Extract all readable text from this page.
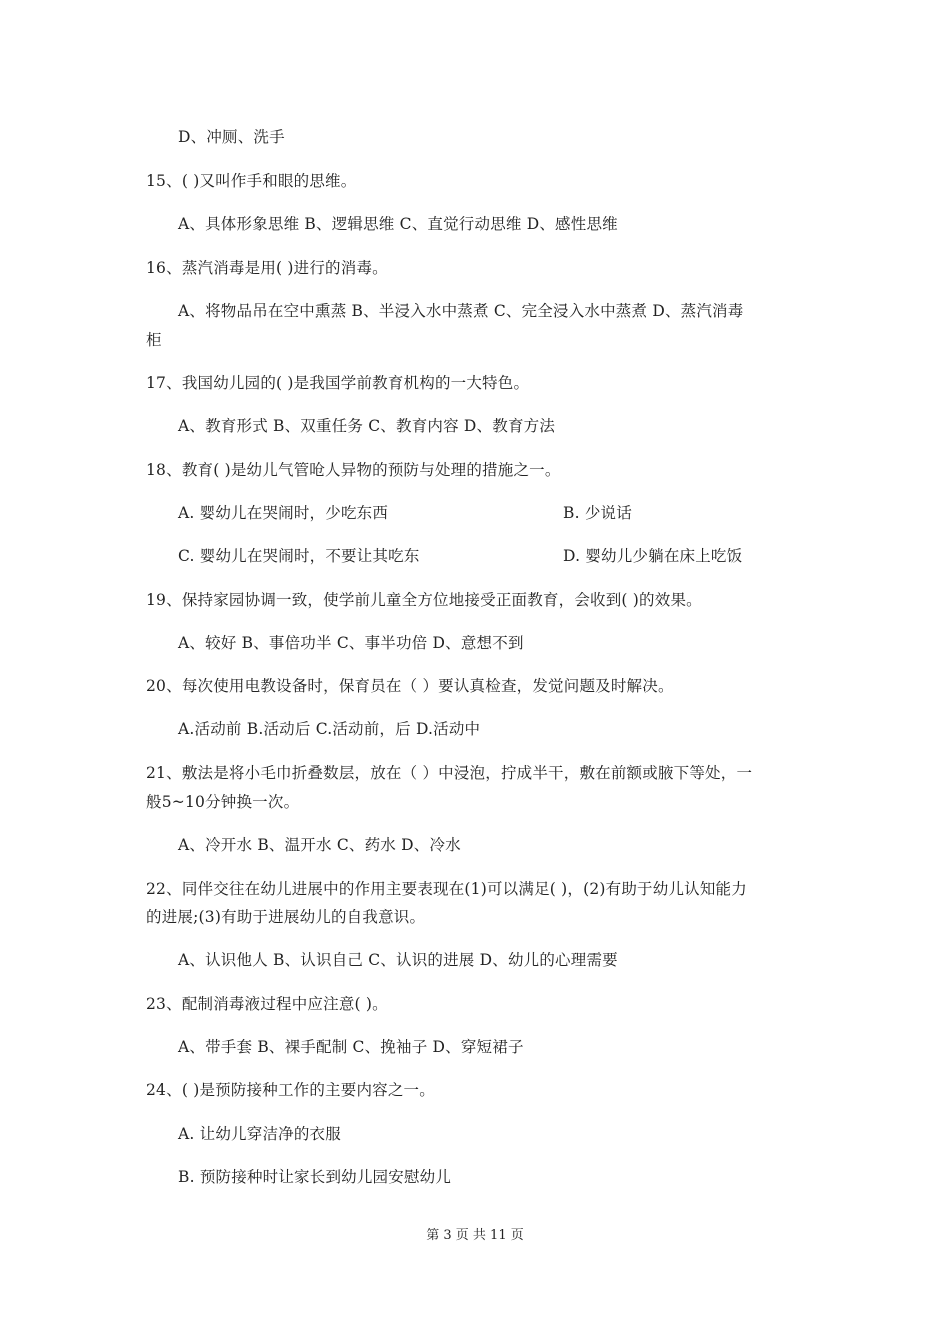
D、冲厕、洗手
15、( )又叫作手和眼的思维。
A、具体形象思维 B、逻辑思维 C、直觉行动思维 D、感性思维
16、蒸汽消毒是用( )进行的消毒。
A、将物品吊在空中熏蒸 B、半浸入水中蒸煮 C、完全浸入水中蒸煮 D、蒸汽消毒
柜
17、我国幼儿园的( )是我国学前教育机构的一大特色。
A、教育形式 B、双重任务 C、教育内容 D、教育方法
18、教育( )是幼儿气管呛人异物的预防与处理的措施之一。
A. 婴幼儿在哭闹时，少吃东西	B. 少说话
C. 婴幼儿在哭闹时，不要让其吃东	D. 婴幼儿少躺在床上吃饭
19、保持家园协调一致，使学前儿童全方位地接受正面教育，会收到( )的效果。
A、较好 B、事倍功半 C、事半功倍 D、意想不到
20、每次使用电教设备时，保育员在（ ）要认真检查，发觉问题及时解决。
A.活动前 B.活动后 C.活动前，后 D.活动中
21、敷法是将小毛巾折叠数层，放在（ ）中浸泡，拧成半干，敷在前额或腋下等处，一
般5~10分钟换一次。
A、冷开水 B、温开水 C、药水 D、冷水
22、同伴交往在幼儿进展中的作用主要表现在(1)可以满足( )，(2)有助于幼儿认知能力
的进展;(3)有助于进展幼儿的自我意识。
A、认识他人 B、认识自己 C、认识的进展 D、幼儿的心理需要
23、配制消毒液过程中应注意( )。
A、带手套 B、裸手配制 C、挽袖子 D、穿短裙子
24、( )是预防接种工作的主要内容之一。
A. 让幼儿穿洁净的衣服
B. 预防接种时让家长到幼儿园安慰幼儿
第 3 页 共 11 页
